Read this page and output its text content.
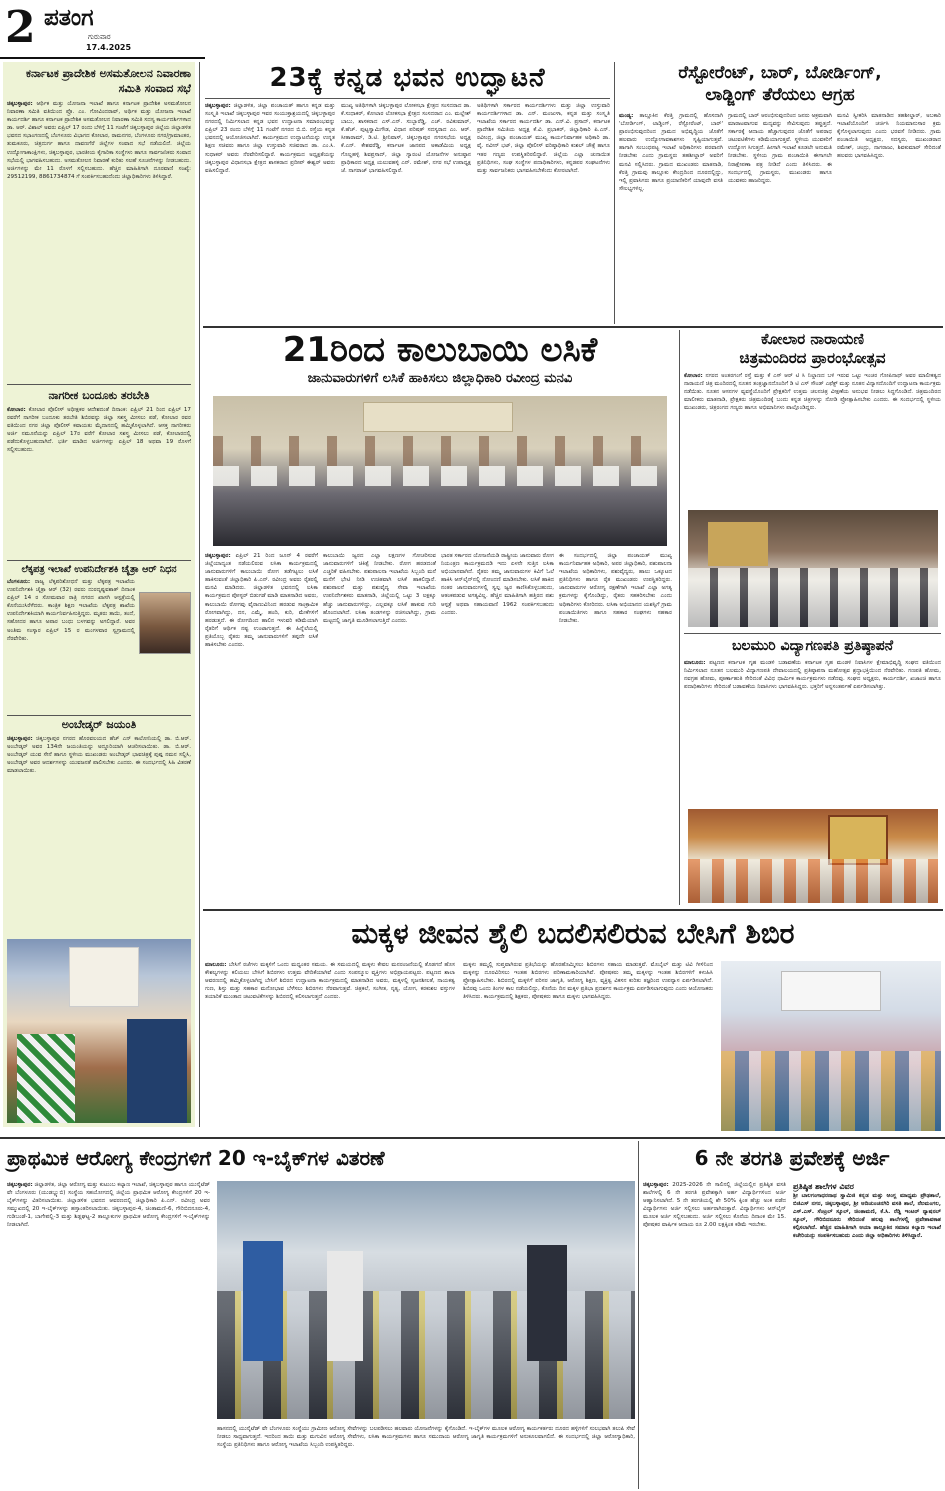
2 ಪತಂಗ
ಗುರುವಾರ
17.4.2025
ಕರ್ನಾಟಕ ಪ್ರಾದೇಶಿಕ ಅಸಮತೋಲನ ನಿವಾರಣಾ ಸಮಿತಿ ಸಂವಾದ ಸಭೆ
ಚಿಕ್ಕಬಳ್ಳಾಪುರ: ಆರ್ಥಿಕ ಮತ್ತು ಯೋಜನಾ ಇಲಾಖೆ ಹಾಗೂ ಕರ್ನಾಟಕ ಪ್ರಾದೇಶಿಕ ಅಸಮತೋಲನ ನಿವಾರಣಾ ಸಮಿತಿ ವತಿಯಿಂದ ಪ್ರೊ. ಎಂ. ಗೋವಿಂದರಾವ್, ಅರ್ಥಿಕ ಮತ್ತು ಯೋಜನಾ ಇಲಾಖೆ ಕಾರ್ಯದರ್ಶಿ ಹಾಗೂ ಕರ್ನಾಟಕ ಪ್ರಾದೇಶಿಕ ಅಸಮತೋಲನ ನಿವಾರಣಾ ಸಮಿತಿ ಸದಸ್ಯ ಕಾರ್ಯದರ್ಶಿಗಳಾದ ಡಾ. ಆರ್. ವಿಶಾಲ್ ಅವರು ಏಪ್ರಿಲ್ 17 ರಂದು ಬೆಳಿಗ್ಗೆ 11 ಗಂಟೆಗೆ ಚಿಕ್ಕಬಳ್ಳಾಪುರ ಜಿಲ್ಲೆಯ ಜಿಲ್ಲಾಡಳಿತ ಭವನದ ಸಭಾಂಗಣದಲ್ಲಿ ಬೆಂಗಳೂರು ವಿಭಾಗದ ಕೋಲಾರ, ರಾಮನಗರ, ಬೆಂಗಳೂರು ನಗರ/ಗ್ರಾಮಾಂತರ, ತುಮಕೂರು, ಚಿತ್ರದುರ್ಗ ಹಾಗೂ ದಾವಣಗೆರೆ ಜಿಲ್ಲೆಗಳ ಸಂವಾದ ಸಭೆ ನಡೆಯಲಿದೆ. ಜಿಲ್ಲೆಯ ಉದ್ಯೋಗಾಕಾಂಕ್ಷಿಗಳು, ಚಿಕ್ಕಬಳ್ಳಾಪುರ, ಭಾರತೀಯ ಕೈಗಾರಿಕಾ ಸಂಸ್ಥೆಗಳು ಹಾಗೂ ಸಾರ್ವಜನಿಕರು ಸಂವಾದ ಸಭೆಯಲ್ಲಿ ಭಾಗವಹಿಸಬಹುದು. ಅಸಮತೋಲನ ನಿವಾರಣೆ ಕುರಿತು ಸಲಹೆ ಸೂಚನೆಗಳನ್ನು ನೀಡಬಹುದು. ಅರ್ಜಿಗಳನ್ನು ಮೇ 11 ರೊಳಗೆ ಸಲ್ಲಿಸಬಹುದು. ಹೆಚ್ಚಿನ ಮಾಹಿತಿಗಾಗಿ ದೂರವಾಣಿ ಸಂಖ್ಯೆ: 29512199, 8861734874 ಗೆ ಸಂಪರ್ಕಿಸಬಹುದೆಂದು ಜಿಲ್ಲಾಧಿಕಾರಿಗಳು ತಿಳಿಸಿದ್ದಾರೆ.
ನಾಗರೀಕ ಬಂದೂಕು ತರಬೇತಿ
ಕೋಲಾರ: ಕೋಲಾರ ಪೊಲೀಸ್ ಅಧೀಕ್ಷಕರ ಆದೇಶದಂತೆ ದಿನಾಂಕ: ಏಪ್ರಿಲ್ 21 ರಿಂದ ಏಪ್ರಿಲ್ 17 ರವರೆಗೆ ನಾಗರೀಕ ಬಂದೂಕು ತರಬೇತಿ ಶಿಬಿರವನ್ನು ಜಿಲ್ಲಾ ಸಶಸ್ತ್ರ ಮೀಸಲು ಪಡೆ, ಕೋಲಾರ ರವರ ವತಿಯಿಂದ ನಗರ ಜಿಲ್ಲಾ ಪೊಲೀಸ್ ಕವಾಯತು ಮೈದಾನದಲ್ಲಿ ಹಮ್ಮಿಕೊಳ್ಳಲಾಗಿದೆ. ಆಸಕ್ತ ನಾಗರೀಕರು ಅರ್ಜಿ ನಮೂನೆಯನ್ನು ಏಪ್ರಿಲ್ 17ರ ವರೆಗೆ ಕೋಲಾರ ಸಶಸ್ತ್ರ ಮೀಸಲು ಪಡೆ, ಕೋಲಾರದಲ್ಲಿ ಪಡೆದುಕೊಳ್ಳಬಹುದಾಗಿದೆ. ಭರ್ತಿ ಮಾಡಿದ ಅರ್ಜಿಗಳನ್ನು ಏಪ್ರಿಲ್ 18 ಅಥವಾ 19 ರೊಳಗೆ ಸಲ್ಲಿಸಬಹುದು.
ಲೆಕ್ಕಪತ್ರ ಇಲಾಖೆ ಉಪನಿರ್ದೇಶಕಿ ಚೈತ್ರಾ ಆರ್ ನಿಧನ
ಬೆಂಗಳೂರು: ರಾಜ್ಯ ಲೆಕ್ಕಪರಿಶೋಧನೆ ಮತ್ತು ಲೆಕ್ಕಪತ್ರ ಇಲಾಖೆಯ ಉಪನಿರ್ದೇಶಕಿ ಚೈತ್ರಾ ಆರ್ (32) ರವರು ದುರದೃಷ್ಟವಶಾತ್ ದಿನಾಂಕ ಏಪ್ರಿಲ್ 14 ರ ಸೋಮವಾರ ರಾತ್ರಿ ನಗರದ ಖಾಸಗಿ ಆಸ್ಪತ್ರೆಯಲ್ಲಿ ಕೊನೆಯುಸಿರೆಳೆದರು. ಕಾಂತ್ರಿಕ ಶಿಕ್ಷಣ ಇಲಾಖೆಯ ಲೆಕ್ಕಪತ್ರ ಶಾಖೆಯ ಉಪನಿರ್ದೇಶಕಿಯಾಗಿ ಕಾರ್ಯನಿರ್ವಹಿಸುತ್ತಿದ್ದರು. ಮೃತರು ತಾಯಿ, ತಂದೆ, ಸಹೋದರ ಹಾಗೂ ಅಪಾರ ಬಂಧು ಬಳಗವನ್ನು ಅಗಲಿದ್ದಾರೆ. ಅವರ ಅಂತಿಮ ಸಂಸ್ಕಾರ ಏಪ್ರಿಲ್ 15 ರ ಮಂಗಳವಾರ ಸ್ವಗ್ರಾಮದಲ್ಲಿ ನೆರವೇರಿತು.
ಅಂಬೇಡ್ಕರ್ ಜಯಂತಿ
ಚಿಕ್ಕಬಳ್ಳಾಪುರ: ಚಿಕ್ಕಬಳ್ಳಾಪುರ ನಗರದ ಹೊರವಲಯದ ಹೆಚ್ ಎನ್ ಕಾಲೋನಿಯಲ್ಲಿ ಡಾ. ಬಿ.ಆರ್. ಅಂಬೇಡ್ಕರ್ ಅವರ 134ನೇ ಜಯಂತಿಯನ್ನು ಅದ್ದೂರಿಯಾಗಿ ಆಚರಿಸಲಾಯಿತು. ಡಾ. ಬಿ.ಆರ್. ಅಂಬೇಡ್ಕರ್ ಯುವ ಸೇನೆ ಹಾಗೂ ಸ್ಥಳೀಯ ಮುಖಂಡರು ಅಂಬೇಡ್ಕರ್ ಭಾವಚಿತ್ರಕ್ಕೆ ಪುಷ್ಪ ನಮನ ಸಲ್ಲಿಸಿ, ಅಂಬೇಡ್ಕರ್ ಅವರ ಆದರ್ಶಗಳನ್ನು ಯುವಜನತೆ ಪಾಲಿಸಬೇಕು ಎಂದರು. ಈ ಸಂದರ್ಭದಲ್ಲಿ ಸಿಹಿ ವಿತರಣೆ ಮಾಡಲಾಯಿತು.
23ಕ್ಕೆ ಕನ್ನಡ ಭವನ ಉದ್ಘಾಟನೆ
ಚಿಕ್ಕಬಳ್ಳಾಪುರ: ಜಿಲ್ಲಾಡಳಿತ, ಜಿಲ್ಲಾ ಪಂಚಾಯತ್ ಹಾಗೂ ಕನ್ನಡ ಮತ್ತು ಸಂಸ್ಕೃತಿ ಇಲಾಖೆ ಚಿಕ್ಕಬಳ್ಳಾಪುರ ಇವರ ಸಂಯುಕ್ತಾಶ್ರಯದಲ್ಲಿ ಚಿಕ್ಕಬಳ್ಳಾಪುರ ನಗರದಲ್ಲಿ ನಿರ್ಮಿಸಲಾದ ಕನ್ನಡ ಭವನ ಉದ್ಘಾಟನಾ ಸಮಾರಂಭವನ್ನು ಏಪ್ರಿಲ್ 23 ರಂದು ಬೆಳಿಗ್ಗೆ 11 ಗಂಟೆಗೆ ನಗರದ ಬಿ.ಬಿ. ರಸ್ತೆಯ ಕನ್ನಡ ಭವನದಲ್ಲಿ ಆಯೋಜಿಸಲಾಗಿದೆ. ಕಾರ್ಯಕ್ರಮದ ಉದ್ಘಾಟನೆಯನ್ನು ಉನ್ನತ ಶಿಕ್ಷಣ ಸಚಿವರು ಹಾಗೂ ಜಿಲ್ಲಾ ಉಸ್ತುವಾರಿ ಸಚಿವರಾದ ಡಾ. ಎಂ.ಸಿ. ಸುಧಾಕರ್ ಅವರು ನೆರವೇರಿಸಲಿದ್ದಾರೆ. ಕಾರ್ಯಕ್ರಮದ ಅಧ್ಯಕ್ಷತೆಯನ್ನು ಚಿಕ್ಕಬಳ್ಳಾಪುರ ವಿಧಾನಸಭಾ ಕ್ಷೇತ್ರದ ಶಾಸಕರಾದ ಪ್ರದೀಪ್ ಈಶ್ವರ್ ಅವರು ವಹಿಸಲಿದ್ದಾರೆ.
ಮುಖ್ಯ ಅತಿಥಿಗಳಾಗಿ ಚಿಕ್ಕಬಳ್ಳಾಪುರ ಲೋಕಸಭಾ ಕ್ಷೇತ್ರದ ಸಂಸದರಾದ ಡಾ. ಕೆ.ಸುಧಾಕರ್, ಕೋಲಾರ ಲೋಕಸಭಾ ಕ್ಷೇತ್ರದ ಸಂಸದರಾದ ಎಂ. ಮಲ್ಲೇಶ್ ಬಾಬು, ಶಾಸಕರಾದ ಎಸ್.ಎನ್. ಸುಬ್ಬಾರೆಡ್ಡಿ, ಎಚ್. ರವಿಕುಮಾರ್, ಕೆ.ಹೆಚ್. ಪುಟ್ಟಸ್ವಾಮಿಗೌಡ, ವಿಧಾನ ಪರಿಷತ್ ಸದಸ್ಯರಾದ ಎಂ. ಆರ್. ಸೀತಾರಾಮ್, ಡಿ.ಟಿ. ಶ್ರೀನಿವಾಸ್, ಚಿಕ್ಕಬಳ್ಳಾಪುರ ನಗರಸಭೆಯ ಅಧ್ಯಕ್ಷ ಕೆ.ಎನ್. ಕೇಶವರೆಡ್ಡಿ, ಕರ್ನಾಟಕ ಜಾನಪದ ಅಕಾಡೆಮಿಯ ಅಧ್ಯಕ್ಷ ಗೊಲ್ಲಹಳ್ಳಿ ಶಿವಪ್ರಸಾದ್, ಜಿಲ್ಲಾ ಗ್ಯಾರಂಟಿ ಯೋಜನೆಗಳ ಅನುಷ್ಠಾನ ಪ್ರಾಧಿಕಾರದ ಅಧ್ಯಕ್ಷ ಯಲುವಹಳ್ಳಿ ಎನ್. ರಮೇಶ್, ನಗರ ಸಭೆ ಉಪಾಧ್ಯಕ್ಷ ಜೆ. ನಾಗರಾಜ್ ಭಾಗವಹಿಸಲಿದ್ದಾರೆ.
ಅತಿಥಿಗಳಾಗಿ ಸರ್ಕಾರದ ಕಾರ್ಯದರ್ಶಿಗಳು ಮತ್ತು ಜಿಲ್ಲಾ ಉಸ್ತುವಾರಿ ಕಾರ್ಯದರ್ಶಿಗಳಾದ ಡಾ. ಎನ್. ಮಂಜುಳಾ, ಕನ್ನಡ ಮತ್ತು ಸಂಸ್ಕೃತಿ ಇಲಾಖೆಯ ಸರ್ಕಾರದ ಕಾರ್ಯದರ್ಶಿ ಡಾ. ಎನ್.ವಿ. ಪ್ರಸಾದ್, ಕರ್ನಾಟಕ ಪ್ರಾದೇಶಿಕ ಸಮಿತಿಯ ಅಧ್ಯಕ್ಷ ಕೆ.ವಿ. ಪ್ರಭಾಕರ್, ಜಿಲ್ಲಾಧಿಕಾರಿ ಪಿ.ಎನ್. ರವೀಂದ್ರ, ಜಿಲ್ಲಾ ಪಂಚಾಯತ್ ಮುಖ್ಯ ಕಾರ್ಯನಿರ್ವಾಹಕ ಅಧಿಕಾರಿ ಡಾ. ವೈ. ನವೀನ್ ಭಟ್, ಜಿಲ್ಲಾ ಪೊಲೀಸ್ ವರಿಷ್ಠಾಧಿಕಾರಿ ಕುಶಲ್ ಚೌಕ್ಸೆ ಹಾಗೂ ಇತರ ಗಣ್ಯರು ಉಪಸ್ಥಿತರಿರಲಿದ್ದಾರೆ. ಜಿಲ್ಲೆಯ ಎಲ್ಲಾ ಚುನಾಯಿತ ಪ್ರತಿನಿಧಿಗಳು, ಸಂಘ ಸಂಸ್ಥೆಗಳ ಪದಾಧಿಕಾರಿಗಳು, ಕನ್ನಡಪರ ಸಂಘಟನೆಗಳು ಮತ್ತು ಸಾರ್ವಜನಿಕರು ಭಾಗವಹಿಸಬೇಕೆಂದು ಕೋರಲಾಗಿದೆ.
ರೆಸ್ಟೋರೆಂಟ್, ಬಾರ್, ಬೋರ್ಡಿಂಗ್,
ಲಾಡ್ಜಿಂಗ್ ತೆರೆಯಲು ಆಗ್ರಹ
ಮಂಡ್ಯ: ತಾಲ್ಲೂಕಿನ ಕೆರತ್ತಿ ಗ್ರಾಮದಲ್ಲಿ ಹೊಸದಾಗಿ 'ಬೋರ್ಡಿಂಗ್, ಲಾಡ್ಜಿಂಗ್, ರೆಸ್ಟೋರೆಂಟ್, ಬಾರ್' ಪ್ರಾರಂಭಿಸುವುದರಿಂದ ಗ್ರಾಮದ ಅಭಿವೃದ್ಧಿಯ ಜೊತೆಗೆ ಹಲವಾರು ಉದ್ಯೋಗಾವಕಾಶಗಳು ಸೃಷ್ಟಿಯಾಗುತ್ತವೆ. ಹಾಗಾಗಿ ಸಂಬಂಧಪಟ್ಟ ಇಲಾಖೆ ಅಧಿಕಾರಿಗಳು ಪರವಾನಗಿ ನೀಡಬೇಕು ಎಂದು ಗ್ರಾಮಸ್ಥರು ತಹಶೀಲ್ದಾರ್ ಅವರಿಗೆ ಮನವಿ ಸಲ್ಲಿಸಿದರು. ಗ್ರಾಮದ ಮುಖಂಡರು ಮಾತನಾಡಿ, ಕೆರತ್ತಿ ಗ್ರಾಮವು ತಾಲ್ಲೂಕು ಕೇಂದ್ರದಿಂದ ದೂರದಲ್ಲಿದ್ದು, ಇಲ್ಲಿ ಪ್ರವಾಸಿಗರು ಹಾಗೂ ಪ್ರಯಾಣಿಕರಿಗೆ ಯಾವುದೇ ವಸತಿ ಸೌಲಭ್ಯಗಳಿಲ್ಲ.
ಗ್ರಾಮದಲ್ಲಿ ಬಾರ್ ಆರಂಭಿಸುವುದರಿಂದ ಜನರು ಅಕ್ರಮವಾಗಿ ಮಾರಾಟವಾಗುವ ಮದ್ಯವನ್ನು ಸೇವಿಸುವುದು ತಪ್ಪುತ್ತದೆ. ಸರ್ಕಾರಕ್ಕೆ ಆದಾಯ ಹೆಚ್ಚಾಗುವುದರ ಜೊತೆಗೆ ಅಪರಾಧ ಚಟುವಟಿಕೆಗಳು ಕಡಿಮೆಯಾಗುತ್ತವೆ. ಸ್ಥಳೀಯ ಯುವಕರಿಗೆ ಉದ್ಯೋಗ ಸಿಗುತ್ತದೆ. ಹೀಗಾಗಿ ಇಲಾಖೆ ಕೂಡಲೇ ಅನುಮತಿ ನೀಡಬೇಕು. ಸ್ಥಳೀಯ ಗ್ರಾಮ ಪಂಚಾಯಿತಿ ಈಗಾಗಲೇ ನಿರಾಕ್ಷೇಪಣಾ ಪತ್ರ ನೀಡಿದೆ ಎಂದು ತಿಳಿಸಿದರು. ಈ ಸಂದರ್ಭದಲ್ಲಿ ಗ್ರಾಮಸ್ಥರು, ಮುಖಂಡರು ಹಾಗೂ ಯುವಕರು ಹಾಜರಿದ್ದರು.
ಮನವಿ ಸ್ವೀಕರಿಸಿ ಮಾತನಾಡಿದ ತಹಶೀಲ್ದಾರ್, ಅಬಕಾರಿ ಇಲಾಖೆಯೊಂದಿಗೆ ಚರ್ಚಿಸಿ ನಿಯಮಾನುಸಾರ ಕ್ರಮ ಕೈಗೊಳ್ಳಲಾಗುವುದು ಎಂದು ಭರವಸೆ ನೀಡಿದರು. ಗ್ರಾಮ ಪಂಚಾಯಿತಿ ಅಧ್ಯಕ್ಷರು, ಸದಸ್ಯರು, ಮುಖಂಡರಾದ ರಮೇಶ್, ಚಂದ್ರು, ನಾಗರಾಜು, ಶಿವಕುಮಾರ್ ಸೇರಿದಂತೆ ಹಲವರು ಭಾಗವಹಿಸಿದ್ದರು.
21ರಿಂದ ಕಾಲುಬಾಯಿ ಲಸಿಕೆ
ಜಾನುವಾರುಗಳಿಗೆ ಲಸಿಕೆ ಹಾಕಿಸಲು ಜಿಲ್ಲಾಧಿಕಾರಿ ರವೀಂದ್ರ ಮನವಿ
ಚಿಕ್ಕಬಳ್ಳಾಪುರ: ಏಪ್ರಿಲ್ 21 ರಿಂದ ಜೂನ್ 4 ರವರೆಗೆ ಜಿಲ್ಲೆಯಾದ್ಯಂತ ನಡೆಯಲಿರುವ ಲಸಿಕಾ ಕಾರ್ಯಕ್ರಮದಲ್ಲಿ ಜಾನುವಾರುಗಳಿಗೆ ಕಾಲುಬಾಯಿ ರೋಗ ತಡೆಗಟ್ಟಲು ಲಸಿಕೆ ಹಾಕಿಸುವಂತೆ ಜಿಲ್ಲಾಧಿಕಾರಿ ಪಿ.ಎನ್. ರವೀಂದ್ರ ಅವರು ರೈತರಲ್ಲಿ ಮನವಿ ಮಾಡಿದರು. ಜಿಲ್ಲಾಡಳಿತ ಭವನದಲ್ಲಿ ಲಸಿಕಾ ಕಾರ್ಯಕ್ರಮದ ಪೋಸ್ಟರ್ ಬಿಡುಗಡೆ ಮಾಡಿ ಮಾತನಾಡಿದ ಅವರು, ಕಾಲುಬಾಯಿ ರೋಗವು ವೈರಾಣುವಿನಿಂದ ಹರಡುವ ಸಾಂಕ್ರಾಮಿಕ ರೋಗವಾಗಿದ್ದು, ದನ, ಎಮ್ಮೆ, ಹಂದಿ, ಕುರಿ, ಮೇಕೆಗಳಿಗೆ ಹರಡುತ್ತದೆ. ಈ ರೋಗದಿಂದ ಹಾಲಿನ ಇಳುವರಿ ಕಡಿಮೆಯಾಗಿ ರೈತರಿಗೆ ಆರ್ಥಿಕ ನಷ್ಟ ಉಂಟಾಗುತ್ತದೆ. ಈ ಹಿನ್ನೆಲೆಯಲ್ಲಿ ಪ್ರತಿಯೊಬ್ಬ ರೈತರು ತಮ್ಮ ಜಾನುವಾರುಗಳಿಗೆ ತಪ್ಪದೇ ಲಸಿಕೆ ಹಾಕಿಸಬೇಕು ಎಂದರು.
ಕಾಲುಬಾಯಿ ಜ್ವರದ ಎಲ್ಲಾ ಲಕ್ಷಣಗಳ ಗೋಚರಿಸುವ ಜಾನುವಾರುಗಳಿಗೆ ಚಿಕಿತ್ಸೆ ನೀಡಬೇಕು. ರೋಗ ಹರಡದಂತೆ ಎಚ್ಚರಿಕೆ ವಹಿಸಬೇಕು. ಪಶುಪಾಲನಾ ಇಲಾಖೆಯ ಸಿಬ್ಬಂದಿ ಮನೆ ಮನೆಗೆ ಭೇಟಿ ನೀಡಿ ಉಚಿತವಾಗಿ ಲಸಿಕೆ ಹಾಕಲಿದ್ದಾರೆ. ಪಶುಪಾಲನೆ ಮತ್ತು ಪಶುವೈದ್ಯ ಸೇವಾ ಇಲಾಖೆಯ ಉಪನಿರ್ದೇಶಕರು ಮಾತನಾಡಿ, ಜಿಲ್ಲೆಯಲ್ಲಿ ಒಟ್ಟು 3 ಲಕ್ಷಕ್ಕೂ ಹೆಚ್ಚು ಜಾನುವಾರುಗಳಿದ್ದು, ಎಲ್ಲವಕ್ಕೂ ಲಸಿಕೆ ಹಾಕುವ ಗುರಿ ಹೊಂದಲಾಗಿದೆ. ಲಸಿಕಾ ತಂಡಗಳನ್ನು ರಚಿಸಲಾಗಿದ್ದು, ಗ್ರಾಮ ಮಟ್ಟದಲ್ಲಿ ಜಾಗೃತಿ ಮೂಡಿಸಲಾಗುತ್ತಿದೆ ಎಂದರು.
ಭಾರತ ಸರ್ಕಾರದ ಯೋಜನೆಯಡಿ ರಾಷ್ಟ್ರೀಯ ಜಾನುವಾರು ರೋಗ ನಿಯಂತ್ರಣ ಕಾರ್ಯಕ್ರಮದಡಿ ಇದು ಏಳನೇ ಸುತ್ತಿನ ಲಸಿಕಾ ಅಭಿಯಾನವಾಗಿದೆ. ರೈತರು ತಮ್ಮ ಜಾನುವಾರುಗಳ ಕಿವಿಗೆ ಓಲೆ ಹಾಕಿಸಿ ಆನ್‌ಲೈನ್‌ನಲ್ಲಿ ನೋಂದಣಿ ಮಾಡಿಸಬೇಕು. ಲಸಿಕೆ ಹಾಕಿದ ನಂತರ ಜಾನುವಾರುಗಳಲ್ಲಿ ಸ್ವಲ್ಪ ಜ್ವರ ಕಾಣಿಸಿಕೊಳ್ಳಬಹುದು, ಆತಂಕಪಡುವ ಅಗತ್ಯವಿಲ್ಲ. ಹೆಚ್ಚಿನ ಮಾಹಿತಿಗಾಗಿ ಹತ್ತಿರದ ಪಶು ಆಸ್ಪತ್ರೆ ಅಥವಾ ಸಹಾಯವಾಣಿ 1962 ಸಂಪರ್ಕಿಸಬಹುದು ಎಂದರು.
ಈ ಸಂದರ್ಭದಲ್ಲಿ ಜಿಲ್ಲಾ ಪಂಚಾಯತ್ ಮುಖ್ಯ ಕಾರ್ಯನಿರ್ವಾಹಕ ಅಧಿಕಾರಿ, ಅಪರ ಜಿಲ್ಲಾಧಿಕಾರಿ, ಪಶುಪಾಲನಾ ಇಲಾಖೆಯ ಅಧಿಕಾರಿಗಳು, ಪಶುವೈದ್ಯರು, ಹಾಲು ಒಕ್ಕೂಟದ ಪ್ರತಿನಿಧಿಗಳು ಹಾಗೂ ರೈತ ಮುಖಂಡರು ಉಪಸ್ಥಿತರಿದ್ದರು. ಜಾನುವಾರುಗಳ ಆರೋಗ್ಯ ರಕ್ಷಣೆಗಾಗಿ ಇಲಾಖೆ ಎಲ್ಲಾ ಅಗತ್ಯ ಕ್ರಮಗಳನ್ನು ಕೈಗೊಂಡಿದ್ದು, ರೈತರು ಸಹಕರಿಸಬೇಕು ಎಂದು ಅಧಿಕಾರಿಗಳು ಕೋರಿದರು. ಲಸಿಕಾ ಅಭಿಯಾನದ ಯಶಸ್ಸಿಗೆ ಗ್ರಾಮ ಪಂಚಾಯಿತಿಗಳು ಹಾಗೂ ಸಹಕಾರ ಸಂಘಗಳು ಸಹಕಾರ ನೀಡಬೇಕು.
ಕೋಲಾರ ನಾರಾಯಣಿ
ಚಿತ್ರಮಂದಿರದ ಪ್ರಾರಂಭೋತ್ಸವ
ಕೋಲಾರ: ನಗರದ ಅಂತರಗಂಗೆ ರಸ್ತೆ ಮತ್ತು ಕೆ ಎಸ್ ಆರ್ ಟಿ ಸಿ ನಿಲ್ದಾಣದ ಬಳಿ ಇರುವ ಒಟ್ಟು ಇಂಚರ ಗೋಪಿನಾಥ್ ಅವರ ಮಾಲೀಕತ್ವದ ನಾರಾಯಣಿ ಚಿತ್ರ ಮಂದಿರದಲ್ಲಿ ನೂತನ ತಂತ್ರಜ್ಞಾನದೊಂದಿಗೆ ಡಿ ಟಿ ಎಸ್ ಸೌಂಡ್ ಎಫೆಕ್ಟ್ ಮತ್ತು ನೂತನ ವಿನ್ಯಾಸದೊಂದಿಗೆ ಉದ್ಘಾಟನಾ ಕಾರ್ಯಕ್ರಮ ನಡೆಯಿತು. ನೂತನ ಆಸನಗಳ ವ್ಯವಸ್ಥೆಯೊಂದಿಗೆ ಪ್ರೇಕ್ಷಕರಿಗೆ ಉತ್ತಮ ಚಲನಚಿತ್ರ ವೀಕ್ಷಣೆಯ ಅನುಭವ ನೀಡಲು ಸಿದ್ಧಗೊಂಡಿದೆ. ಚಿತ್ರಮಂದಿರದ ಮಾಲೀಕರು ಮಾತನಾಡಿ, ಪ್ರೇಕ್ಷಕರು ಚಿತ್ರಮಂದಿರಕ್ಕೆ ಬಂದು ಕನ್ನಡ ಚಿತ್ರಗಳನ್ನು ನೋಡಿ ಪ್ರೋತ್ಸಾಹಿಸಬೇಕು ಎಂದರು. ಈ ಸಂದರ್ಭದಲ್ಲಿ ಸ್ಥಳೀಯ ಮುಖಂಡರು, ಚಿತ್ರರಂಗದ ಗಣ್ಯರು ಹಾಗೂ ಅಭಿಮಾನಿಗಳು ಪಾಲ್ಗೊಂಡಿದ್ದರು.
ಬಲಮುರಿ ವಿದ್ಯಾಗಣಪತಿ ಪ್ರತಿಷ್ಠಾಪನೆ
ಮಾಲೂರು: ಪಟ್ಟಣದ ಕರ್ನಾಟಕ ಗೃಹ ಮಂಡಳಿ ಬಡಾವಣೆಯ ಕರ್ನಾಟಕ ಗೃಹ ಮಂಡಳಿ ನಿವಾಸಿಗಳ ಕ್ಷೇಮಾಭಿವೃದ್ಧಿ ಸಂಘದ ವತಿಯಿಂದ ನಿರ್ಮಿಸಲಾದ ನೂತನ ಬಲಮುರಿ ವಿದ್ಯಾಗಣಪತಿ ದೇವಾಲಯದಲ್ಲಿ ಪ್ರತಿಷ್ಠಾಪನಾ ಮಹೋತ್ಸವ ಶ್ರದ್ಧಾಭಕ್ತಿಯಿಂದ ನೆರವೇರಿತು. ಗಣಪತಿ ಹೋಮ, ನವಗ್ರಹ ಹೋಮ, ಪೂರ್ಣಾಹುತಿ ಸೇರಿದಂತೆ ವಿವಿಧ ಧಾರ್ಮಿಕ ಕಾರ್ಯಕ್ರಮಗಳು ನಡೆದವು. ಸಂಘದ ಅಧ್ಯಕ್ಷರು, ಕಾರ್ಯದರ್ಶಿ, ಖಜಾಂಚಿ ಹಾಗೂ ಪದಾಧಿಕಾರಿಗಳು ಸೇರಿದಂತೆ ಬಡಾವಣೆಯ ನಿವಾಸಿಗಳು ಭಾಗವಹಿಸಿದ್ದರು. ಭಕ್ತರಿಗೆ ಅನ್ನಸಂತರ್ಪಣೆ ಏರ್ಪಡಿಸಲಾಗಿತ್ತು.
ಮಕ್ಕಳ ಜೀವನ ಶೈಲಿ ಬದಲಿಸಲಿರುವ ಬೇಸಿಗೆ ಶಿಬಿರ
ಮಾಲೂರು: ಬೇಸಿಗೆ ರಜೆಗಳು ಮಕ್ಕಳಿಗೆ ಒಂದು ಮಧ್ಯಂತರ ಸಮಯ. ಈ ಸಮಯದಲ್ಲಿ ಮಕ್ಕಳು ಕೇವಲ ಮನರಂಜನೆಯಲ್ಲಿ ತೊಡಗದೆ ಹೊಸ ಕೌಶಲ್ಯಗಳನ್ನು ಕಲಿಯಲು ಬೇಸಿಗೆ ಶಿಬಿರಗಳು ಉತ್ತಮ ವೇದಿಕೆಯಾಗಿವೆ ಎಂದು ಸಂಪನ್ಮೂಲ ವ್ಯಕ್ತಿಗಳು ಅಭಿಪ್ರಾಯಪಟ್ಟರು. ಪಟ್ಟಣದ ಶಾಲಾ ಆವರಣದಲ್ಲಿ ಹಮ್ಮಿಕೊಳ್ಳಲಾಗಿದ್ದ ಬೇಸಿಗೆ ಶಿಬಿರದ ಉದ್ಘಾಟನಾ ಕಾರ್ಯಕ್ರಮದಲ್ಲಿ ಮಾತನಾಡಿದ ಅವರು, ಮಕ್ಕಳಲ್ಲಿ ಸೃಜನಶೀಲತೆ, ನಾಯಕತ್ವ ಗುಣ, ಶಿಸ್ತು ಮತ್ತು ಸಹಕಾರ ಮನೋಭಾವ ಬೆಳೆಸಲು ಶಿಬಿರಗಳು ನೆರವಾಗುತ್ತವೆ. ಚಿತ್ರಕಲೆ, ಸಂಗೀತ, ನೃತ್ಯ, ಯೋಗ, ಕರಕುಶಲ ವಸ್ತುಗಳ ತಯಾರಿಕೆ ಮುಂತಾದ ಚಟುವಟಿಕೆಗಳನ್ನು ಶಿಬಿರದಲ್ಲಿ ಕಲಿಸಲಾಗುತ್ತದೆ ಎಂದರು.
ಮಕ್ಕಳು ತಮ್ಮಲ್ಲಿ ಸುಪ್ತವಾಗಿರುವ ಪ್ರತಿಭೆಯನ್ನು ಹೊರಹೊಮ್ಮಿಸಲು ಶಿಬಿರಗಳು ಸಹಾಯ ಮಾಡುತ್ತವೆ. ಮೊಬೈಲ್ ಮತ್ತು ಟಿವಿ ಗೀಳಿನಿಂದ ಮಕ್ಕಳನ್ನು ದೂರವಿರಿಸಲು ಇಂತಹ ಶಿಬಿರಗಳು ಪರಿಣಾಮಕಾರಿಯಾಗಿವೆ. ಪೋಷಕರು ತಮ್ಮ ಮಕ್ಕಳನ್ನು ಇಂತಹ ಶಿಬಿರಗಳಿಗೆ ಕಳುಹಿಸಿ ಪ್ರೋತ್ಸಾಹಿಸಬೇಕು. ಶಿಬಿರದಲ್ಲಿ ಮಕ್ಕಳಿಗೆ ಪರಿಸರ ಜಾಗೃತಿ, ಆರೋಗ್ಯ ಶಿಕ್ಷಣ, ವ್ಯಕ್ತಿತ್ವ ವಿಕಸನ ಕುರಿತು ತಜ್ಞರಿಂದ ಉಪನ್ಯಾಸ ಏರ್ಪಡಿಸಲಾಗಿದೆ. ಶಿಬಿರವು ಒಂದು ತಿಂಗಳ ಕಾಲ ನಡೆಯಲಿದ್ದು, ಕೊನೆಯ ದಿನ ಮಕ್ಕಳ ಪ್ರತಿಭಾ ಪ್ರದರ್ಶನ ಕಾರ್ಯಕ್ರಮ ಏರ್ಪಡಿಸಲಾಗುವುದು ಎಂದು ಆಯೋಜಕರು ತಿಳಿಸಿದರು. ಕಾರ್ಯಕ್ರಮದಲ್ಲಿ ಶಿಕ್ಷಕರು, ಪೋಷಕರು ಹಾಗೂ ಮಕ್ಕಳು ಭಾಗವಹಿಸಿದ್ದರು.
ಪ್ರಾಥಮಿಕ ಆರೋಗ್ಯ ಕೇಂದ್ರಗಳಿಗೆ 20 ಇ-ಬೈಕ್‌ಗಳ ವಿತರಣೆ
ಚಿಕ್ಕಬಳ್ಳಾಪುರ: ಜಿಲ್ಲಾಡಳಿತ, ಜಿಲ್ಲಾ ಆರೋಗ್ಯ ಮತ್ತು ಕುಟುಂಬ ಕಲ್ಯಾಣ ಇಲಾಖೆ, ಚಿಕ್ಕಬಳ್ಳಾಪುರ ಹಾಗೂ ಯುನೈಟೆಡ್ ವೇ ಬೆಂಗಳೂರು (ಯುಡಬ್ಲ್ಯುಬಿ) ಸಂಸ್ಥೆಯ ಸಹಯೋಗದಲ್ಲಿ ಜಿಲ್ಲೆಯ ಪ್ರಾಥಮಿಕ ಆರೋಗ್ಯ ಕೇಂದ್ರಗಳಿಗೆ 20 ಇ-ಬೈಕ್‌ಗಳನ್ನು ವಿತರಿಸಲಾಯಿತು. ಜಿಲ್ಲಾಡಳಿತ ಭವನದ ಆವರಣದಲ್ಲಿ ಜಿಲ್ಲಾಧಿಕಾರಿ ಪಿ.ಎನ್. ರವೀಂದ್ರ ಅವರ ಸಮ್ಮುಖದಲ್ಲಿ 20 ಇ-ಬೈಕ್‌ಗಳನ್ನು ಹಸ್ತಾಂತರಿಸಲಾಯಿತು. ಚಿಕ್ಕಬಳ್ಳಾಪುರ-4, ಚಿಂತಾಮಣಿ-6, ಗೌರಿಬಿದನೂರು-4, ಗುಡಿಬಂಡೆ-1, ಬಾಗೇಪಲ್ಲಿ-3 ಮತ್ತು ಶಿಡ್ಲಘಟ್ಟ-2 ತಾಲ್ಲೂಕುಗಳ ಪ್ರಾಥಮಿಕ ಆರೋಗ್ಯ ಕೇಂದ್ರಗಳಿಗೆ ಇ-ಬೈಕ್‌ಗಳನ್ನು ನೀಡಲಾಗಿದೆ.
ಹಾಸನದಲ್ಲಿ ಯುನೈಟೆಡ್ ವೇ ಬೆಂಗಳೂರು ಸಂಸ್ಥೆಯು ಗ್ರಾಮೀಣ ಆರೋಗ್ಯ ಸೇವೆಗಳನ್ನು ಬಲಪಡಿಸಲು ಹಲವಾರು ಯೋಜನೆಗಳನ್ನು ಕೈಗೊಂಡಿದೆ. ಇ-ಬೈಕ್‌ಗಳ ಮೂಲಕ ಆರೋಗ್ಯ ಕಾರ್ಯಕರ್ತರು ದೂರದ ಹಳ್ಳಿಗಳಿಗೆ ಸುಲಭವಾಗಿ ತಲುಪಿ ಸೇವೆ ನೀಡಲು ಸಾಧ್ಯವಾಗುತ್ತದೆ. ಇದರಿಂದ ತಾಯಿ ಮತ್ತು ಮಗುವಿನ ಆರೋಗ್ಯ ಸೇವೆಗಳು, ಲಸಿಕಾ ಕಾರ್ಯಕ್ರಮಗಳು ಹಾಗೂ ಸಮುದಾಯ ಆರೋಗ್ಯ ಜಾಗೃತಿ ಕಾರ್ಯಕ್ರಮಗಳಿಗೆ ಅನುಕೂಲವಾಗಲಿದೆ. ಈ ಸಂದರ್ಭದಲ್ಲಿ ಜಿಲ್ಲಾ ಆರೋಗ್ಯಾಧಿಕಾರಿ, ಸಂಸ್ಥೆಯ ಪ್ರತಿನಿಧಿಗಳು ಹಾಗೂ ಆರೋಗ್ಯ ಇಲಾಖೆಯ ಸಿಬ್ಬಂದಿ ಉಪಸ್ಥಿತರಿದ್ದರು.
6 ನೇ ತರಗತಿ ಪ್ರವೇಶಕ್ಕೆ ಅರ್ಜಿ
ಚಿಕ್ಕಬಳ್ಳಾಪುರ: 2025-2026 ನೇ ಸಾಲಿನಲ್ಲಿ ಜಿಲ್ಲೆಯಲ್ಲಿನ ಪ್ರತಿಷ್ಠಿತ ವಸತಿ ಶಾಲೆಗಳಲ್ಲಿ 6 ನೇ ತರಗತಿ ಪ್ರವೇಶಕ್ಕಾಗಿ ಅರ್ಹ ವಿದ್ಯಾರ್ಥಿಗಳಿಂದ ಅರ್ಜಿ ಆಹ್ವಾನಿಸಲಾಗಿದೆ. 5 ನೇ ತರಗತಿಯಲ್ಲಿ ಶೇ 50% ಕ್ಕಿಂತ ಹೆಚ್ಚು ಅಂಕ ಪಡೆದ ವಿದ್ಯಾರ್ಥಿಗಳು ಅರ್ಜಿ ಸಲ್ಲಿಸಲು ಅರ್ಹರಾಗಿರುತ್ತಾರೆ. ವಿದ್ಯಾರ್ಥಿಗಳು ಆನ್‌ಲೈನ್ ಮೂಲಕ ಅರ್ಜಿ ಸಲ್ಲಿಸಬಹುದು. ಅರ್ಜಿ ಸಲ್ಲಿಸಲು ಕೊನೆಯ ದಿನಾಂಕ ಮೇ 15. ಪೋಷಕರ ವಾರ್ಷಿಕ ಆದಾಯ ರೂ 2.00 ಲಕ್ಷಕ್ಕಿಂತ ಕಡಿಮೆ ಇರಬೇಕು.
ಪ್ರತಿಷ್ಠಿತ ಶಾಲೆಗಳ ವಿವರ
ಶ್ರೀ ಬಾಲಗಂಗಾಧರನಾಥ ಸ್ವಾಮಿಜಿ ಕನ್ನಡ ಮತ್ತು ಆಂಗ್ಲ ಮಾಧ್ಯಮ ಪ್ರೌಢಶಾಲೆ, ಬಿಜಿಎಸ್ ನಗರ, ಚಿಕ್ಕಬಳ್ಳಾಪುರ, ಶ್ರೀ ಆದಿಚುಂಚನಗಿರಿ ವಸತಿ ಶಾಲೆ, ನೆಲಮಂಗಲ, ಎಸ್.ಎಸ್. ಸೆಂಟ್ರಲ್ ಸ್ಕೂಲ್, ಚಿಂತಾಮಣಿ, ಕೆ.ಸಿ. ರೆಡ್ಡಿ ಇಂಟರ್ ನ್ಯಾಷನಲ್ ಸ್ಕೂಲ್, ಗೌರಿಬಿದನೂರು ಸೇರಿದಂತೆ ಹಲವು ಶಾಲೆಗಳಲ್ಲಿ ಪ್ರವೇಶಾವಕಾಶ ಕಲ್ಪಿಸಲಾಗಿದೆ. ಹೆಚ್ಚಿನ ಮಾಹಿತಿಗಾಗಿ ಆಯಾ ತಾಲ್ಲೂಕಿನ ಸಮಾಜ ಕಲ್ಯಾಣ ಇಲಾಖೆ ಕಚೇರಿಯನ್ನು ಸಂಪರ್ಕಿಸಬಹುದು ಎಂದು ಜಿಲ್ಲಾ ಅಧಿಕಾರಿಗಳು ತಿಳಿಸಿದ್ದಾರೆ.
